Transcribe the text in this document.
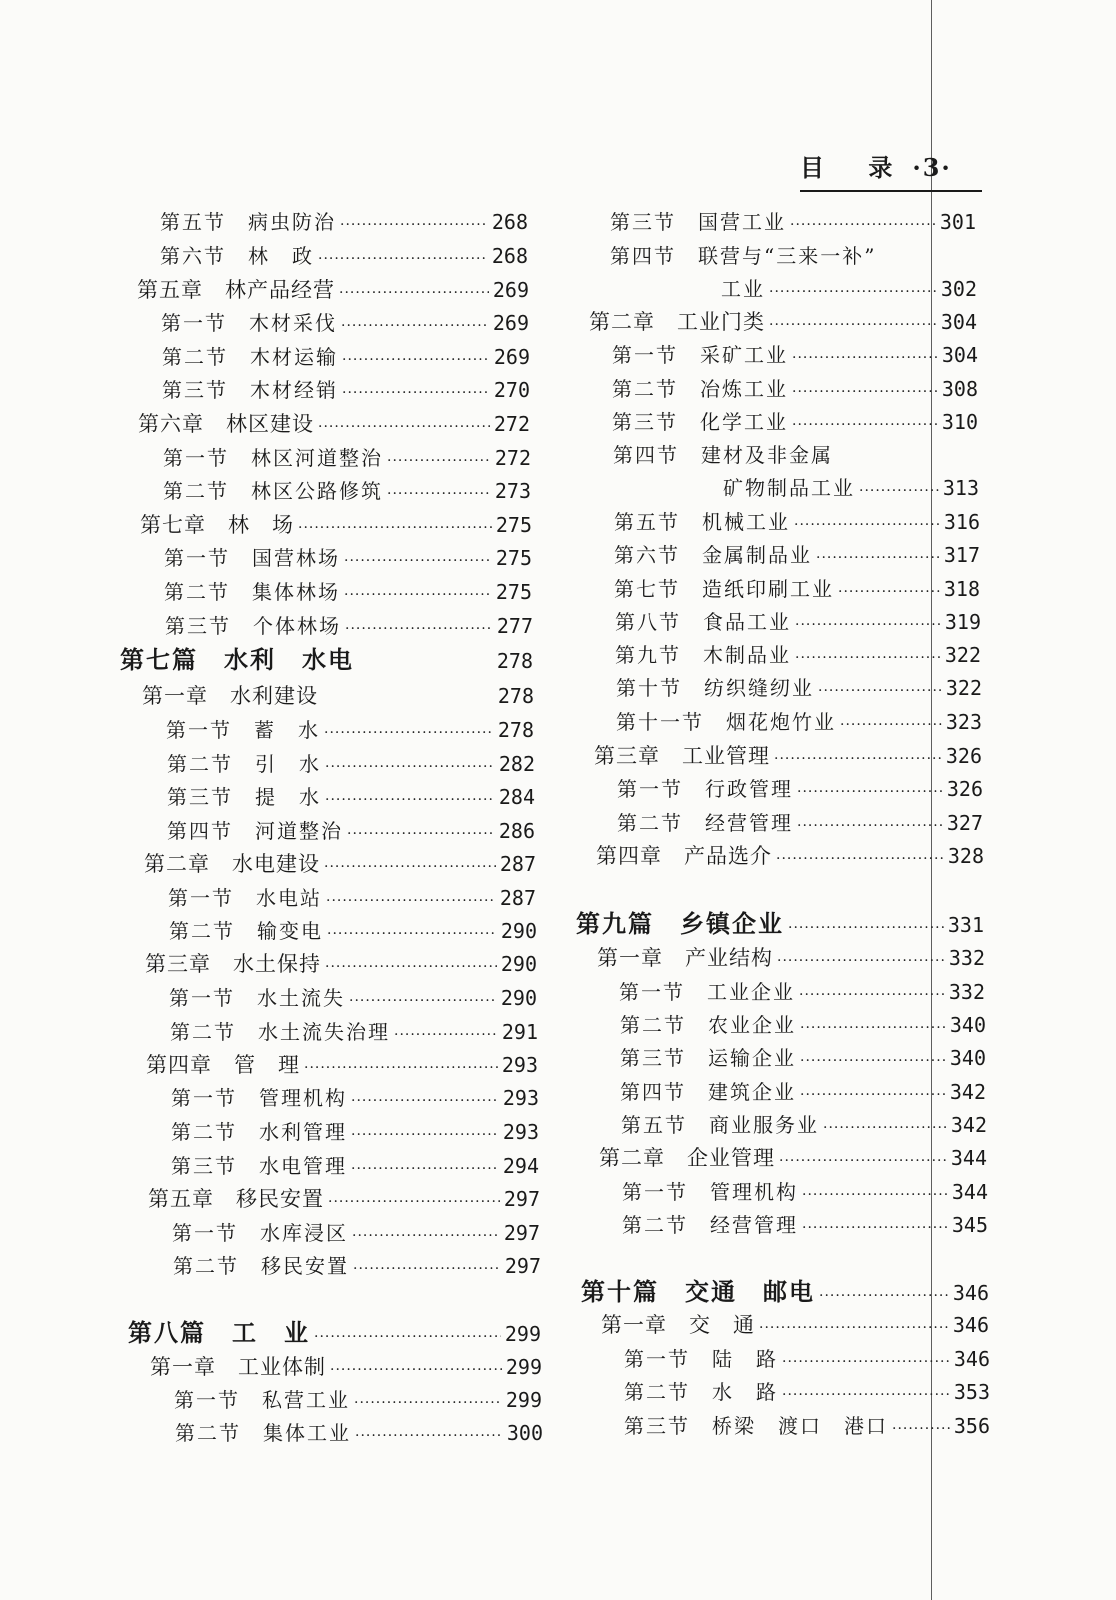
目 录·3·
第五节　病虫防治 ·····	268
第六节　林　政 ·····	268
第五章　林产品经营 ·····	269
第一节　木材采伐 ·····	269
第二节　木材运输 ·····	269
第三节　木材经销 ·····	270
第六章　林区建设 ·····	272
第一节　林区河道整治 ·····	272
第二节　林区公路修筑 ·····	273
第七章　林　场 ·····	275
第一节　国营林场 ·····	275
第二节　集体林场 ·····	275
第三节　个体林场 ·····	277
第七篇　水利　水电	278
第一章　水利建设	278
第一节　蓄　水 ·····	278
第二节　引　水 ·····	282
第三节　提　水 ·····	284
第四节　河道整治 ·····	286
第二章　水电建设 ·····	287
第一节　水电站 ·····	287
第二节　输变电 ·····	290
第三章　水土保持 ·····	290
第一节　水土流失 ·····	290
第二节　水土流失治理 ·····	291
第四章　管　理 ·····	293
第一节　管理机构 ·····	293
第二节　水利管理 ·····	293
第三节　水电管理 ·····	294
第五章　移民安置 ·····	297
第一节　水库浸区 ·····	297
第二节　移民安置 ·····	297
第八篇　工　业 ·····	299
第一章　工业体制 ·····	299
第一节　私营工业 ·····	299
第二节　集体工业 ·····	300
第三节　国营工业 ·····	301
第四节　联营与“三来一补”
工业 ·····	302
第二章　工业门类 ·····	304
第一节　采矿工业 ·····	304
第二节　冶炼工业 ·····	308
第三节　化学工业 ·····	310
第四节　建材及非金属
矿物制品工业 ·····	313
第五节　机械工业 ·····	316
第六节　金属制品业 ·····	317
第七节　造纸印刷工业 ·····	318
第八节　食品工业 ·····	319
第九节　木制品业 ·····	322
第十节　纺织缝纫业 ·····	322
第十一节　烟花炮竹业 ·····	323
第三章　工业管理 ·····	326
第一节　行政管理 ·····	326
第二节　经营管理 ·····	327
第四章　产品选介 ·····	328
第九篇　乡镇企业 ·····	331
第一章　产业结构 ·····	332
第一节　工业企业 ·····	332
第二节　农业企业 ·····	340
第三节　运输企业 ·····	340
第四节　建筑企业 ·····	342
第五节　商业服务业 ·····	342
第二章　企业管理 ·····	344
第一节　管理机构 ·····	344
第二节　经营管理 ·····	345
第十篇　交通　邮电 ·····	346
第一章　交　通 ·····	346
第一节　陆　路 ·····	346
第二节　水　路 ·····	353
第三节　桥梁　渡口　港口 ·····	356
